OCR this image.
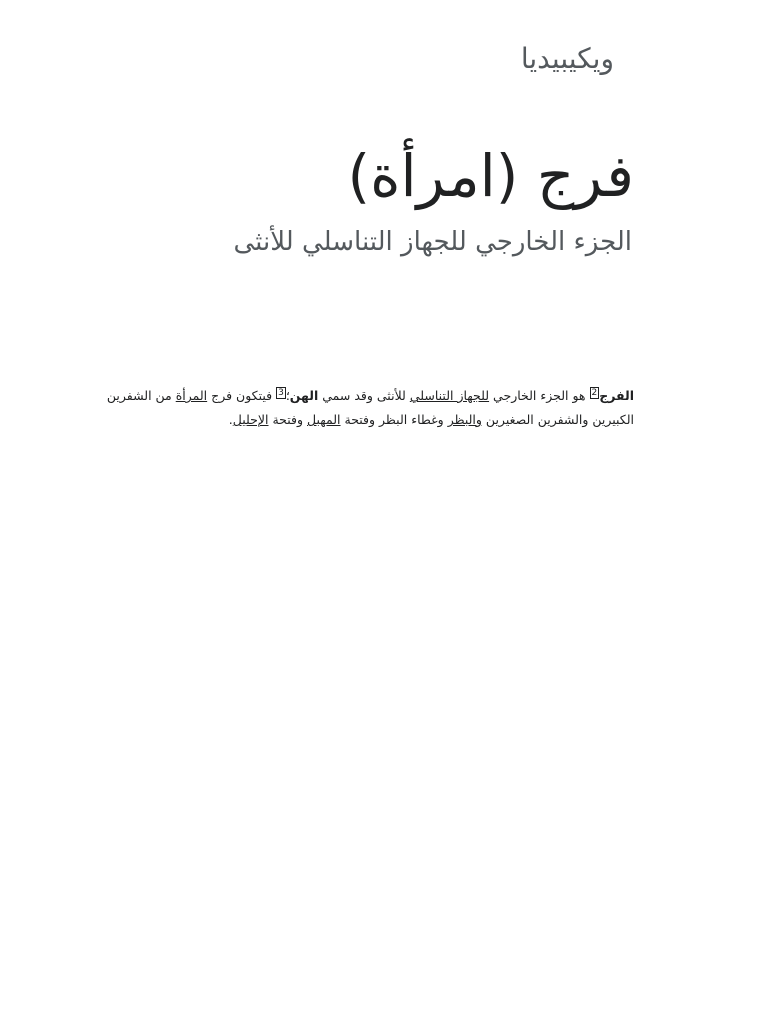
ويكيبيديا
فرج (امرأة)
الجزء الخارجي للجهاز التناسلي للأنثى

الفرج$^2$ هو الجزء الخارجي للجهاز التناسلي للأنثى وقد سمي الهن؛$^3$ فيتكون فرج المرأة من الشفرين الكبيرين والشفرين الصغيرين والبظر وغطاء البظر وفتحة المهبل وفتحة الإحليل.
